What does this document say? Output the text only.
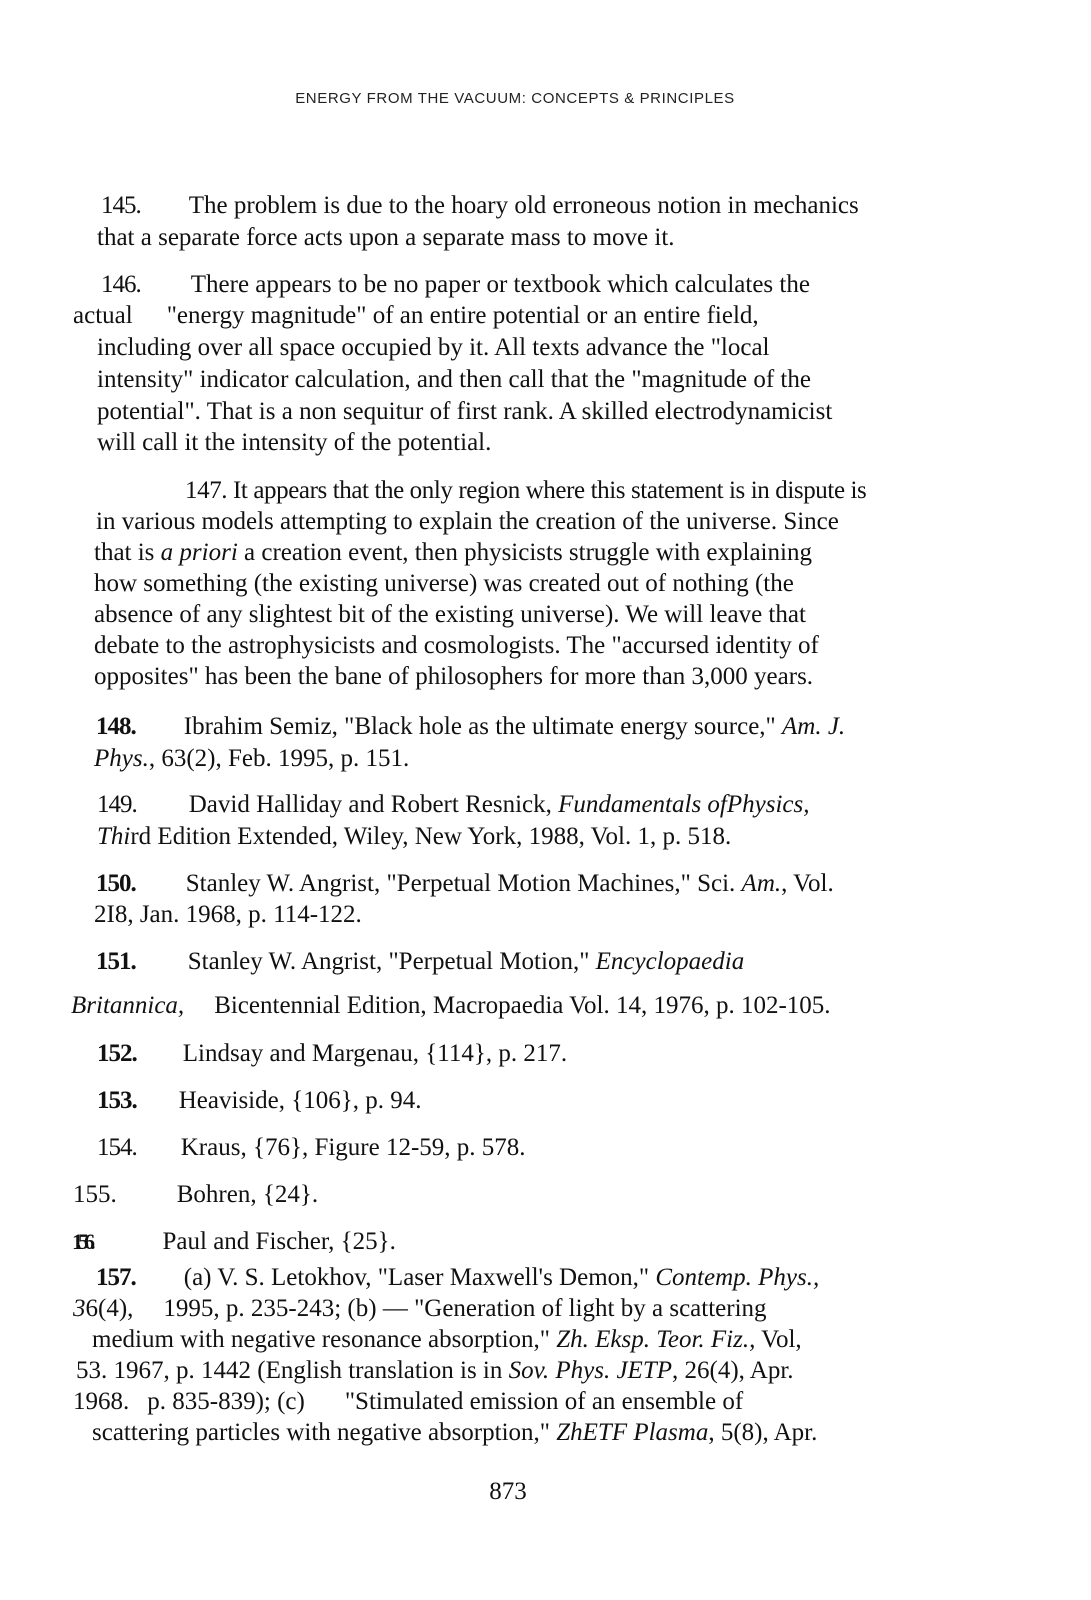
ENERGY FROM THE VACUUM: CONCEPTS & PRINCIPLES
145. The problem is due to the hoary old erroneous notion in mechanics
that a separate force acts upon a separate mass to move it.
146. There appears to be no paper or textbook which calculates the
actual "energy magnitude" of an entire potential or an entire field,
including over all space occupied by it. All texts advance the "local
intensity" indicator calculation, and then call that the "magnitude of the
potential". That is a non sequitur of first rank. A skilled electrodynamicist
will call it the intensity of the potential.
147. It appears that the only region where this statement is in dispute is
in various models attempting to explain the creation of the universe. Since
that is a priori a creation event, then physicists struggle with explaining
how something (the existing universe) was created out of nothing (the
absence of any slightest bit of the existing universe). We will leave that
debate to the astrophysicists and cosmologists. The "accursed identity of
opposites" has been the bane of philosophers for more than 3,000 years.
148. Ibrahim Semiz, "Black hole as the ultimate energy source," Am. J.
Phys., 63(2), Feb. 1995, p. 151.
149. David Halliday and Robert Resnick, Fundamentals ofPhysics,
Third Edition Extended, Wiley, New York, 1988, Vol. 1, p. 518.
150. Stanley W. Angrist, "Perpetual Motion Machines," Sci. Am., Vol.
2I8, Jan. 1968, p. 114-122.
151. Stanley W. Angrist, "Perpetual Motion," Encyclopaedia
Britannica, Bicentennial Edition, Macropaedia Vol. 14, 1976, p. 102-105.
152. Lindsay and Margenau, {114}, p. 217.
153. Heaviside, {106}, p. 94.
154. Kraus, {76}, Figure 12-59, p. 578.
155. Bohren, {24}.
156.	Paul and Fischer, {25}.
157. (a) V. S. Letokhov, "Laser Maxwell's Demon," Contemp. Phys.,
36(4), 1995, p. 235-243; (b) — "Generation of light by a scattering
medium with negative resonance absorption," Zh. Eksp. Teor. Fiz., Vol,
53. 1967, p. 1442 (English translation is in Sov. Phys. JETP, 26(4), Apr.
1968. p. 835-839); (c) "Stimulated emission of an ensemble of
scattering particles with negative absorption," ZhETF Plasma, 5(8), Apr.
873
